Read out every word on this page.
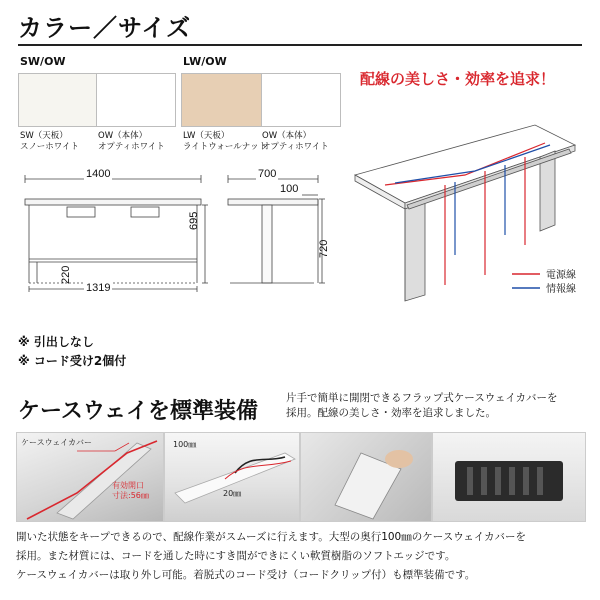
カラー／サイズ
SW/OW
SW（天板）
スノーホワイト
OW（本体）
オプティホワイト
LW/OW
LW（天板）
ライトウォールナット
OW（本体）
オプティホワイト
1400
695
220
1319
700
100
720
配線の美しさ・効率を追求！
電源線
情報線
※ 引出しなし
※ コード受け2個付
ケースウェイを標準装備
片手で簡単に開閉できるフラップ式ケースウェイカバーを
採用。配線の美しさ・効率を追求しました。
ケースウェイカバー
有効開口
寸法:56㎜
100㎜
20㎜
開いた状態をキープできるので、配線作業がスムーズに行えます。大型の奥行100㎜のケースウェイカバーを
採用。また材質には、コードを通した時にすき間ができにくい軟質樹脂のソフトエッジです。
ケースウェイカバーは取り外し可能。着脱式のコード受け（コードクリップ付）も標準装備です。
